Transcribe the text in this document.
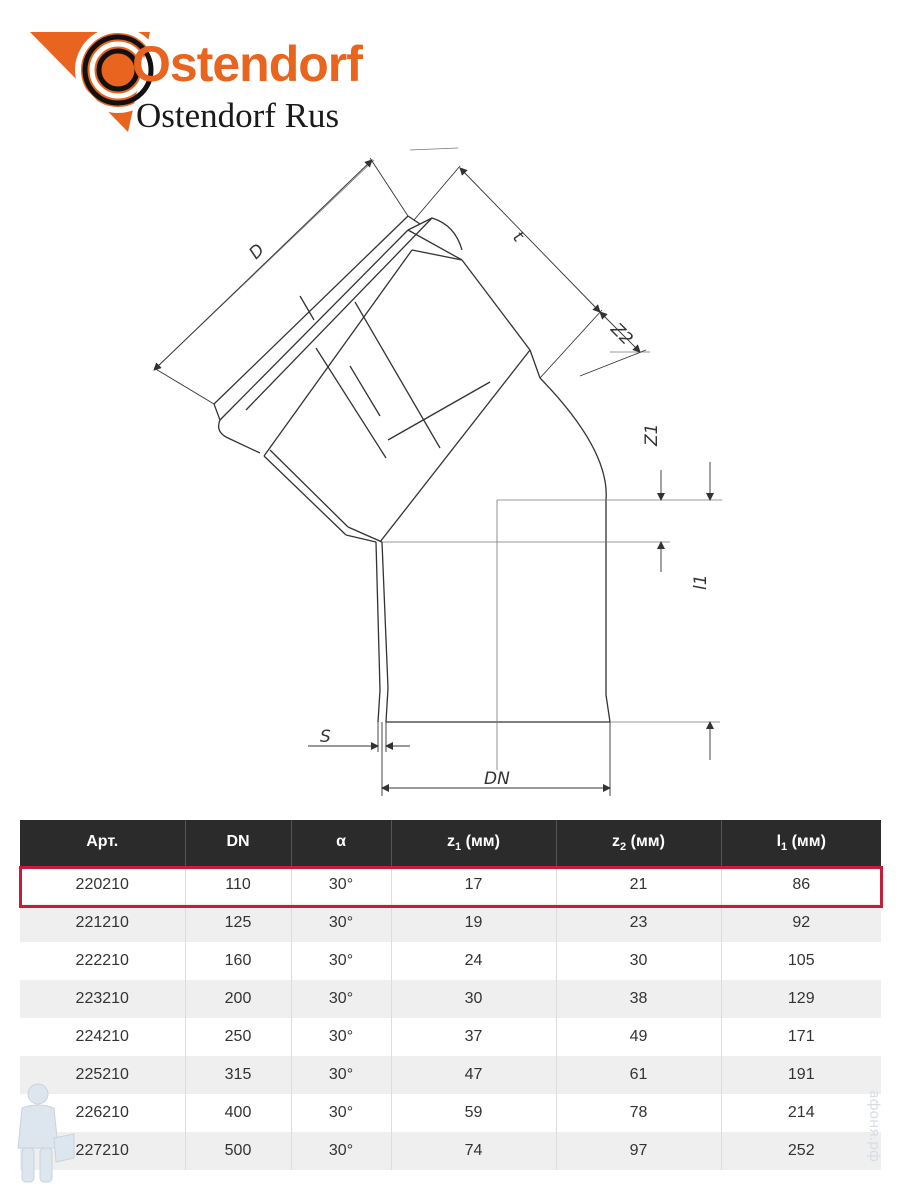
Ostendorf

Ostendorf Rus

D
t
Z2
Z1
l1
S
DN
Арт.	DN	α	$z_1$ (мм)	$z_2$ (мм)	$l_1$ (мм)
220210	110	30°	17	21	86
221210	125	30°	19	23	92
222210	160	30°	24	30	105
223210	200	30°	30	38	129
224210	250	30°	37	49	171
225210	315	30°	47	61	191
226210	400	30°	59	78	214
227210	500	30°	74	97	252	афоня.рф
